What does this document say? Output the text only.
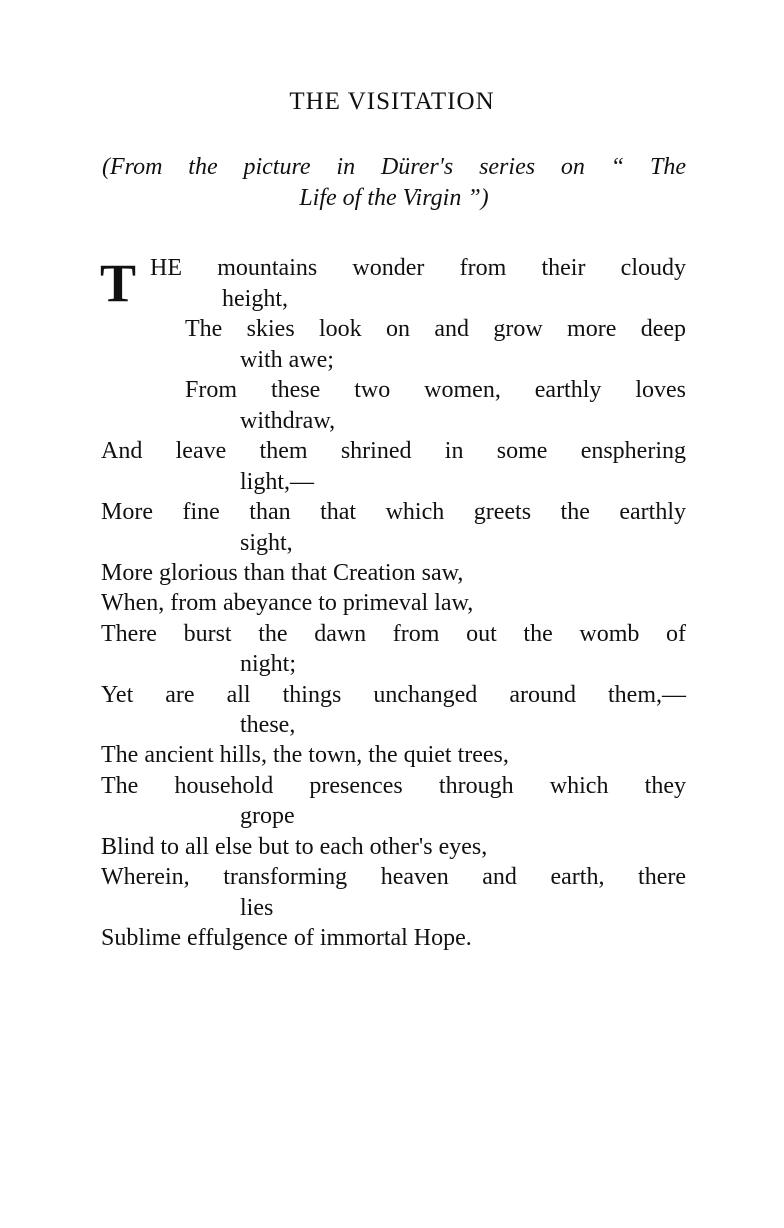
THE VISITATION
(From the picture in Dürer's series on “ The
Life of the Virgin ”)
T HE mountains wonder from their cloudy
height,
The skies look on and grow more deep
with awe;
From these two women, earthly loves
withdraw,
And leave them shrined in some ensphering
light,—
More fine than that which greets the earthly
sight,
More glorious than that Creation saw,
When, from abeyance to primeval law,
There burst the dawn from out the womb of
night;
Yet are all things unchanged around them,—
these,
The ancient hills, the town, the quiet trees,
The household presences through which they
grope
Blind to all else but to each other's eyes,
Wherein, transforming heaven and earth, there
lies
Sublime effulgence of immortal Hope.
